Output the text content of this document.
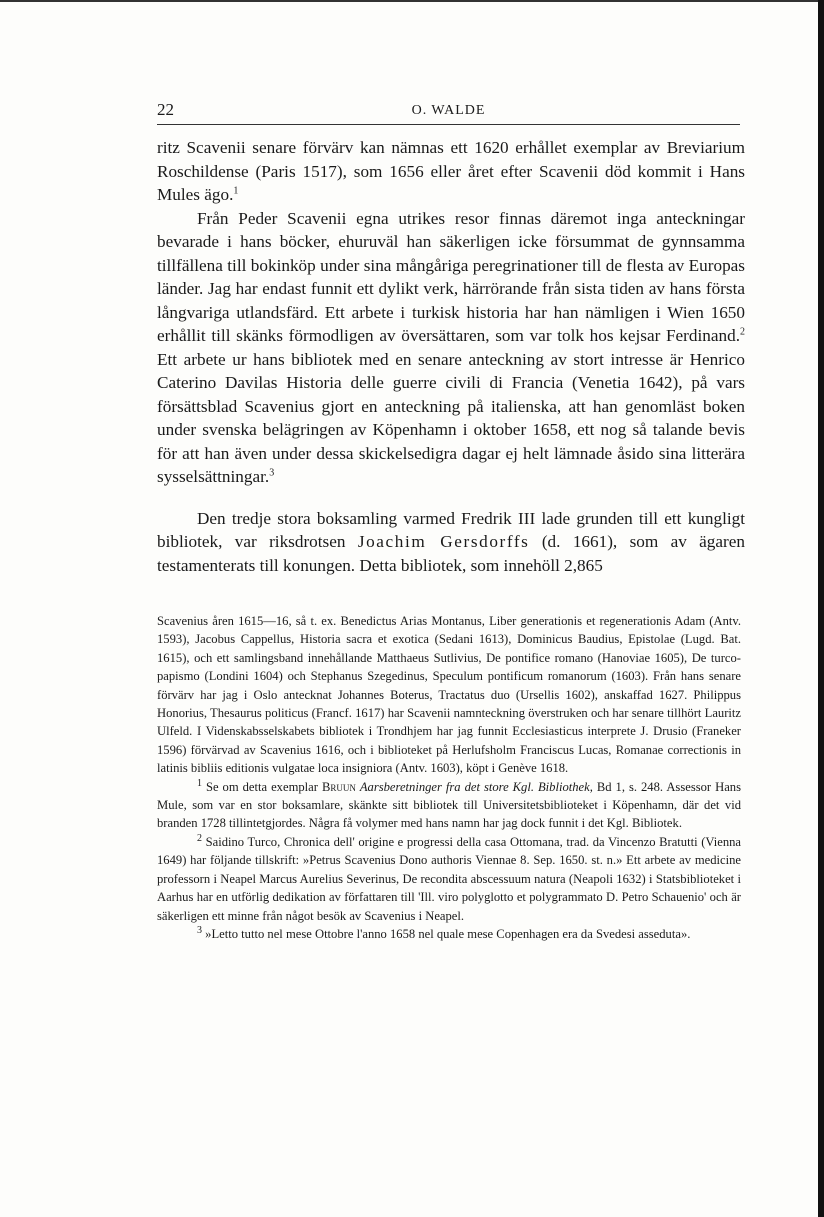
22	O. WALDE

ritz Scavenii senare förvärv kan nämnas ett 1620 erhållet exemplar av Breviarium Roschildense (Paris 1517), som 1656 eller året efter Scavenii död kommit i Hans Mules ägo.$^1$

Från Peder Scavenii egna utrikes resor finnas däremot inga anteckningar bevarade i hans böcker, ehuruväl han säkerligen icke försummat de gynnsamma tillfällena till bokinköp under sina mångåriga peregrinationer till de flesta av Europas länder. Jag har endast funnit ett dylikt verk, härrörande från sista tiden av hans första långvariga utlandsfärd. Ett arbete i turkisk historia har han nämligen i Wien 1650 erhållit till skänks förmodligen av översättaren, som var tolk hos kejsar Ferdinand.$^2$ Ett arbete ur hans bibliotek med en senare anteckning av stort intresse är Henrico Caterino Davilas Historia delle guerre civili di Francia (Venetia 1642), på vars försättsblad Scavenius gjort en anteckning på italienska, att han genomläst boken under svenska belägringen av Köpenhamn i oktober 1658, ett nog så talande bevis för att han även under dessa skickelsedigra dagar ej helt lämnade åsido sina litterära sysselsättningar.$^3$

Den tredje stora boksamling varmed Fredrik III lade grunden till ett kungligt bibliotek, var riksdrotsen Joachim Gersdorffs (d. 1661), som av ägaren testamenterats till konungen. Detta bibliotek, som innehöll 2,865

Scavenius åren 1615—16, så t. ex. Benedictus Arias Montanus, Liber generationis et regenerationis Adam (Antv. 1593), Jacobus Cappellus, Historia sacra et exotica (Sedani 1613), Dominicus Baudius, Epistolae (Lugd. Bat. 1615), och ett samlingsband innehållande Matthaeus Sutlivius, De pontifice romano (Hanoviae 1605), De turco-papismo (Londini 1604) och Stephanus Szegedinus, Speculum pontificum romanorum (1603). Från hans senare förvärv har jag i Oslo antecknat Johannes Boterus, Tractatus duo (Ursellis 1602), anskaffad 1627. Philippus Honorius, Thesaurus politicus (Francf. 1617) har Scavenii namnteckning överstruken och har senare tillhört Lauritz Ulfeld. I Videnskabsselskabets bibliotek i Trondhjem har jag funnit Ecclesiasticus interprete J. Drusio (Franeker 1596) förvärvad av Scavenius 1616, och i biblioteket på Herlufsholm Franciscus Lucas, Romanae correctionis in latinis bibliis editionis vulgatae loca insigniora (Antv. 1603), köpt i Genève 1618.

$^1$ Se om detta exemplar Bruun Aarsberetninger fra det store Kgl. Bibliothek, Bd 1, s. 248. Assessor Hans Mule, som var en stor boksamlare, skänkte sitt bibliotek till Universitetsbiblioteket i Köpenhamn, där det vid branden 1728 tillintetgjordes. Några få volymer med hans namn har jag dock funnit i det Kgl. Bibliotek.

$^2$ Saidino Turco, Chronica dell' origine e progressi della casa Ottomana, trad. da Vincenzo Bratutti (Vienna 1649) har följande tillskrift: »Petrus Scavenius Dono authoris Viennae 8. Sep. 1650. st. n.» Ett arbete av medicine professorn i Neapel Marcus Aurelius Severinus, De recondita abscessuum natura (Neapoli 1632) i Statsbiblioteket i Aarhus har en utförlig dedikation av författaren till 'Ill. viro polyglotto et polygrammato D. Petro Schauenio' och är säkerligen ett minne från något besök av Scavenius i Neapel.

$^3$ »Letto tutto nel mese Ottobre l'anno 1658 nel quale mese Copenhagen era da Svedesi asseduta».
